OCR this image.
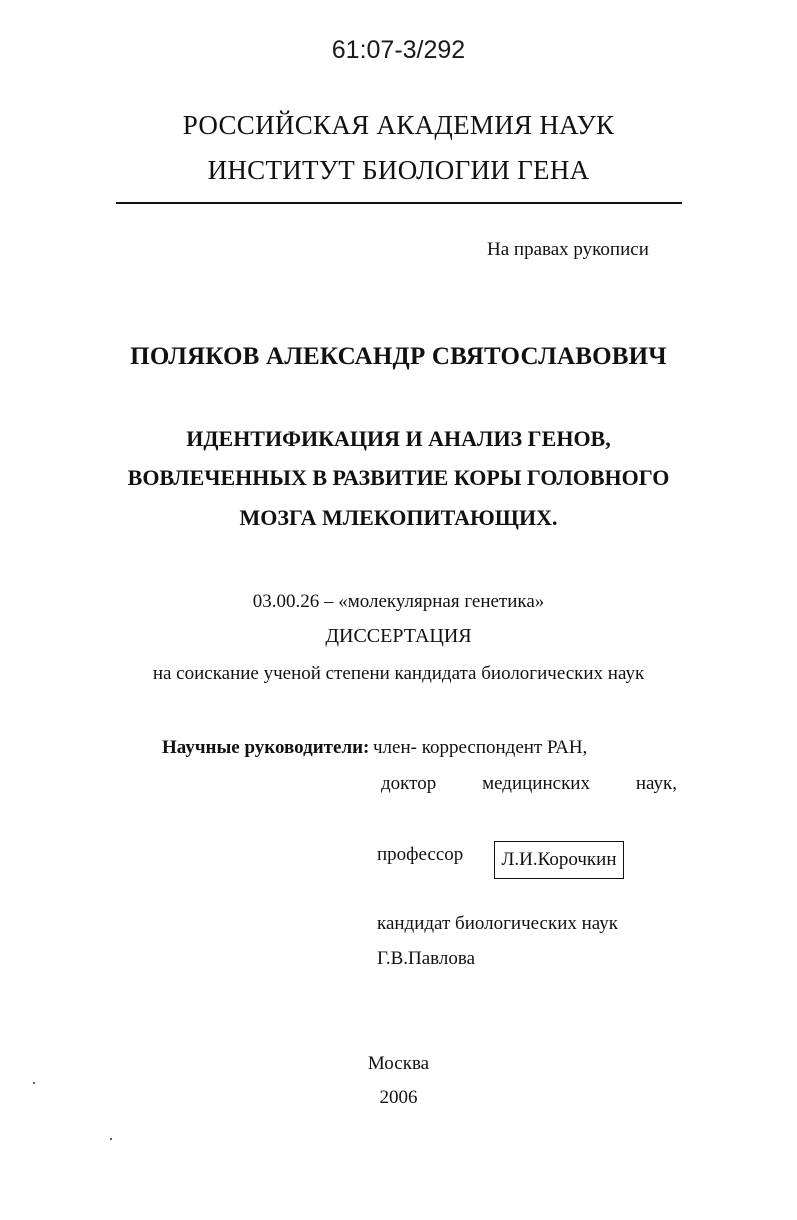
61:07-3/292
РОССИЙСКАЯ АКАДЕМИЯ НАУК
ИНСТИТУТ БИОЛОГИИ ГЕНА
На правах рукописи
ПОЛЯКОВ АЛЕКСАНДР СВЯТОСЛАВОВИЧ
ИДЕНТИФИКАЦИЯ И АНАЛИЗ ГЕНОВ,
ВОВЛЕЧЕННЫХ В РАЗВИТИЕ КОРЫ ГОЛОВНОГО
МОЗГА МЛЕКОПИТАЮЩИХ.
03.00.26 – «молекулярная генетика»
ДИССЕРТАЦИЯ
на соискание ученой степени кандидата биологических наук
Научные руководители: член- корреспондент РАН,
доктор медицинских наук,
профессор Л.И.Корочкин
кандидат биологических наук
Г.В.Павлова
Москва
2006
